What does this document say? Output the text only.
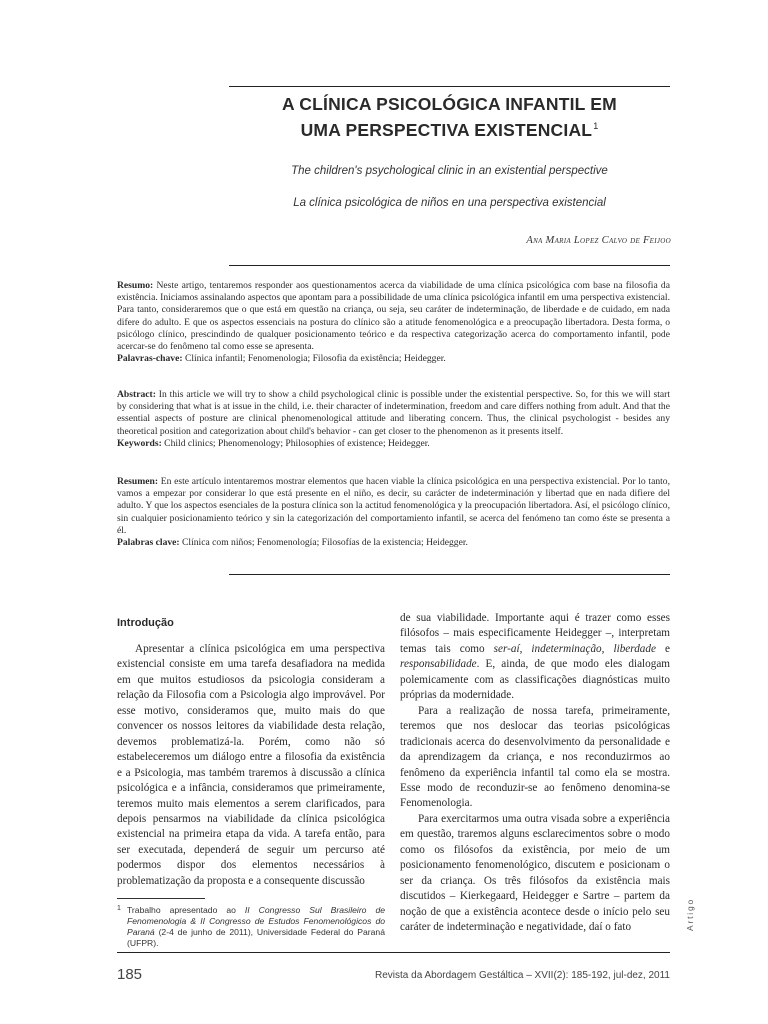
A CLÍNICA PSICOLÓGICA INFANTIL EM
UMA PERSPECTIVA EXISTENCIAL$^1$
The children's psychological clinic in an existential perspective
La clínica psicológica de niños en una perspectiva existencial
Ana Maria Lopez Calvo de Feijoo
Resumo: Neste artigo, tentaremos responder aos questionamentos acerca da viabilidade de uma clínica psicológica com base na filosofia da existência. Iniciamos assinalando aspectos que apontam para a possibilidade de uma clínica psicológica infantil em uma perspectiva existencial. Para tanto, consideraremos que o que está em questão na criança, ou seja, seu caráter de indeterminação, de liberdade e de cuidado, em nada difere do adulto. E que os aspectos essenciais na postura do clínico são a atitude fenomenológica e a preocupação libertadora. Desta forma, o psicólogo clínico, prescindindo de qualquer posicionamento teórico e da respectiva categorização acerca do comportamento infantil, pode acercar-se do fenômeno tal como esse se apresenta.
Palavras-chave: Clínica infantil; Fenomenologia; Filosofia da existência; Heidegger.
Abstract: In this article we will try to show a child psychological clinic is possible under the existential perspective. So, for this we will start by considering that what is at issue in the child, i.e. their character of indetermination, freedom and care differs nothing from adult. And that the essential aspects of posture are clinical phenomenological attitude and liberating concern. Thus, the clinical psychologist - besides any theoretical position and categorization about child's behavior - can get closer to the phenomenon as it presents itself.
Keywords: Child clinics; Phenomenology; Philosophies of existence; Heidegger.
Resumen: En este artículo intentaremos mostrar elementos que hacen viable la clínica psicológica en una perspectiva existencial. Por lo tanto, vamos a empezar por considerar lo que está presente en el niño, es decir, su carácter de indeterminación y libertad que en nada difiere del adulto. Y que los aspectos esenciales de la postura clínica son la actitud fenomenológica y la preocupación libertadora. Así, el psicólogo clínico, sin cualquier posicionamiento teórico y sin la categorización del comportamiento infantil, se acerca del fenómeno tan como éste se presenta a él.
Palabras clave: Clínica com niños; Fenomenología; Filosofías de la existencia; Heidegger.
Introdução

Apresentar a clínica psicológica em uma perspectiva existencial consiste em uma tarefa desafiadora na medida em que muitos estudiosos da psicologia consideram a relação da Filosofia com a Psicologia algo improvável. Por esse motivo, consideramos que, muito mais do que convencer os nossos leitores da viabilidade desta relação, devemos problematizá-la. Porém, como não só estabeleceremos um diálogo entre a filosofia da existência e a Psicologia, mas também traremos à discussão a clínica psicológica e a infância, consideramos que primeiramente, teremos muito mais elementos a serem clarificados, para depois pensarmos na viabilidade da clínica psicológica existencial na primeira etapa da vida. A tarefa então, para ser executada, dependerá de seguir um percurso até podermos dispor dos elementos necessários à problematização da proposta e a consequente discussão

de sua viabilidade. Importante aqui é trazer como esses filósofos – mais especificamente Heidegger –, interpretam temas tais como ser-aí, indeterminação, liberdade e responsabilidade. E, ainda, de que modo eles dialogam polemicamente com as classificações diagnósticas muito próprias da modernidade.

Para a realização de nossa tarefa, primeiramente, teremos que nos deslocar das teorias psicológicas tradicionais acerca do desenvolvimento da personalidade e da aprendizagem da criança, e nos reconduzirmos ao fenômeno da experiência infantil tal como ela se mostra. Esse modo de reconduzir-se ao fenômeno denomina-se Fenomenologia.

Para exercitarmos uma outra visada sobre a experiência em questão, traremos alguns esclarecimentos sobre o modo como os filósofos da existência, por meio de um posicionamento fenomenológico, discutem e posicionam o ser da criança. Os três filósofos da existência mais discutidos – Kierkegaard, Heidegger e Sartre – partem da noção de que a existência acontece desde o início pelo seu caráter de indeterminação e negatividade, daí o fato

1 Trabalho apresentado ao II Congresso Sul Brasileiro de Fenomenologia & II Congresso de Estudos Fenomenológicos do Paraná (2-4 de junho de 2011), Universidade Federal do Paraná (UFPR).
Artigo
185	Revista da Abordagem Gestáltica – XVII(2): 185-192, jul-dez, 2011
